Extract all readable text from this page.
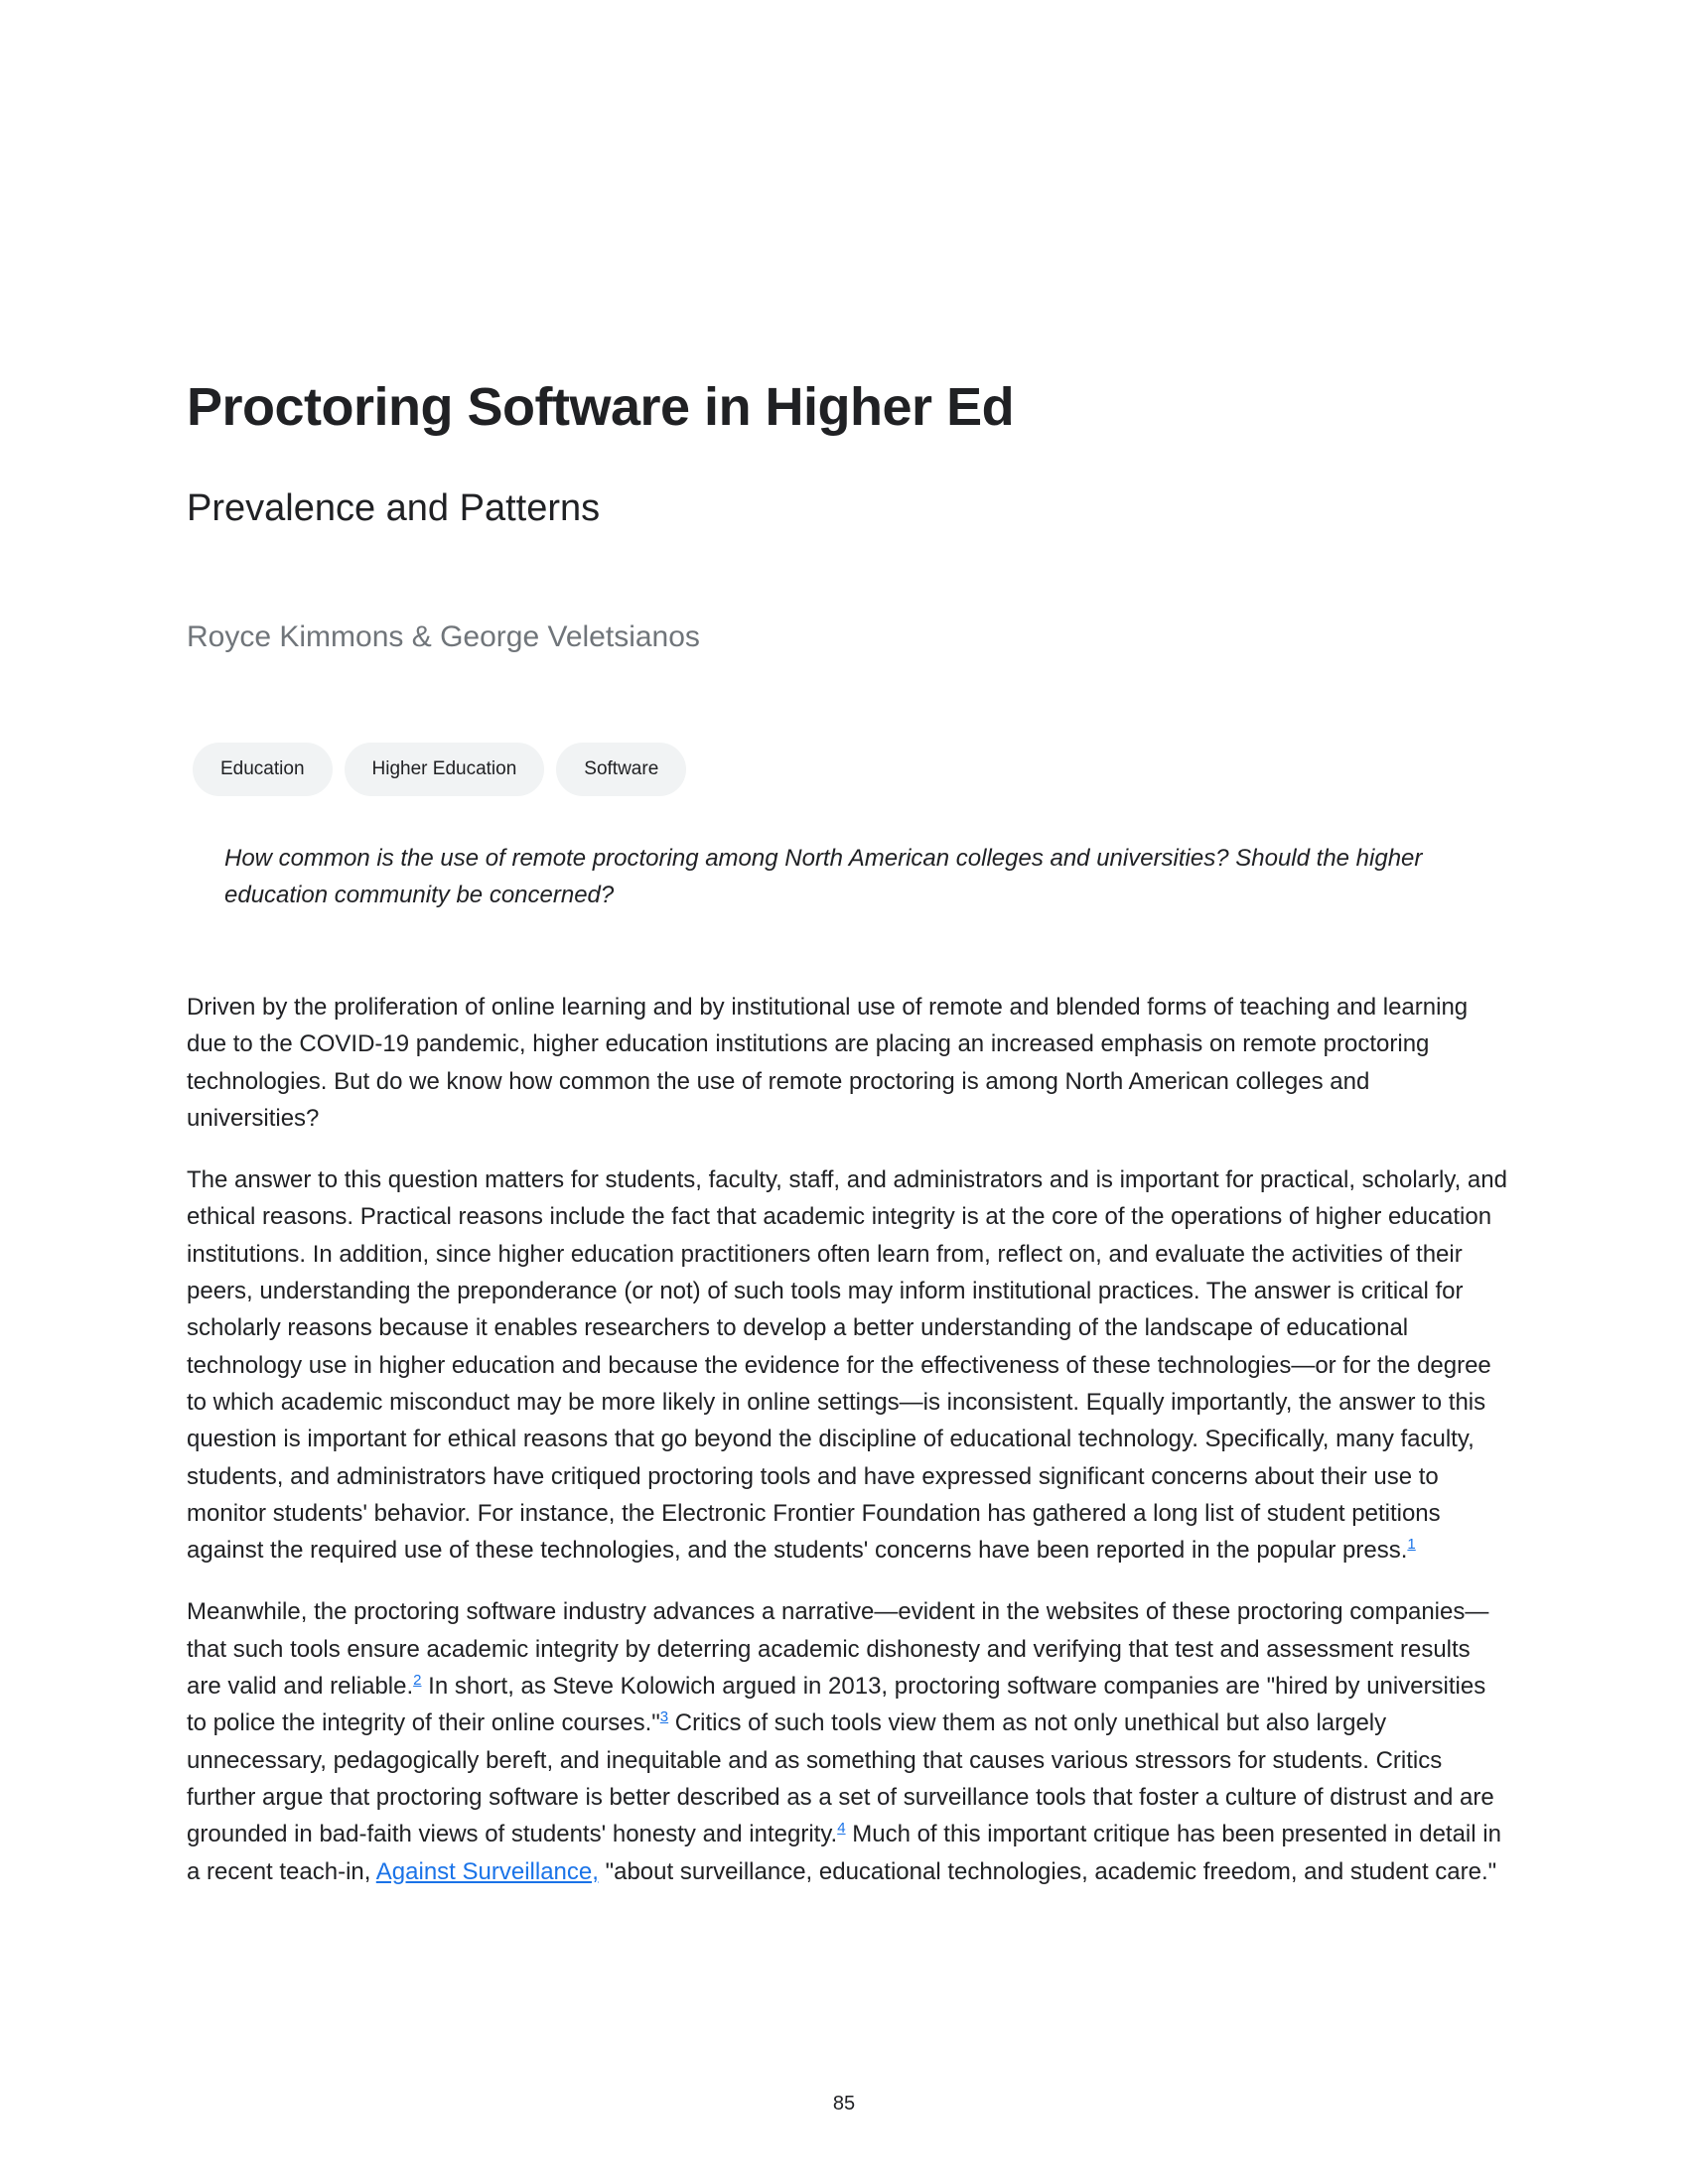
Proctoring Software in Higher Ed
Prevalence and Patterns
Royce Kimmons & George Veletsianos
Education	Higher Education	Software

How common is the use of remote proctoring among North American colleges and universities? Should the higher education community be concerned?

Driven by the proliferation of online learning and by institutional use of remote and blended forms of teaching and learning due to the COVID-19 pandemic, higher education institutions are placing an increased emphasis on remote proctoring technologies. But do we know how common the use of remote proctoring is among North American colleges and universities?

The answer to this question matters for students, faculty, staff, and administrators and is important for practical, scholarly, and ethical reasons. Practical reasons include the fact that academic integrity is at the core of the operations of higher education institutions. In addition, since higher education practitioners often learn from, reflect on, and evaluate the activities of their peers, understanding the preponderance (or not) of such tools may inform institutional practices. The answer is critical for scholarly reasons because it enables researchers to develop a better understanding of the landscape of educational technology use in higher education and because the evidence for the effectiveness of these technologies—or for the degree to which academic misconduct may be more likely in online settings—is inconsistent. Equally importantly, the answer to this question is important for ethical reasons that go beyond the discipline of educational technology. Specifically, many faculty, students, and administrators have critiqued proctoring tools and have expressed significant concerns about their use to monitor students' behavior. For instance, the Electronic Frontier Foundation has gathered a long list of student petitions against the required use of these technologies, and the students' concerns have been reported in the popular press.$^1$

Meanwhile, the proctoring software industry advances a narrative—evident in the websites of these proctoring companies—that such tools ensure academic integrity by deterring academic dishonesty and verifying that test and assessment results are valid and reliable.$^2$ In short, as Steve Kolowich argued in 2013, proctoring software companies are "hired by universities to police the integrity of their online courses."$^3$ Critics of such tools view them as not only unethical but also largely unnecessary, pedagogically bereft, and inequitable and as something that causes various stressors for students. Critics further argue that proctoring software is better described as a set of surveillance tools that foster a culture of distrust and are grounded in bad-faith views of students' honesty and integrity.$^4$ Much of this important critique has been presented in detail in a recent teach-in, Against Surveillance, "about surveillance, educational technologies, academic freedom, and student care."

85
